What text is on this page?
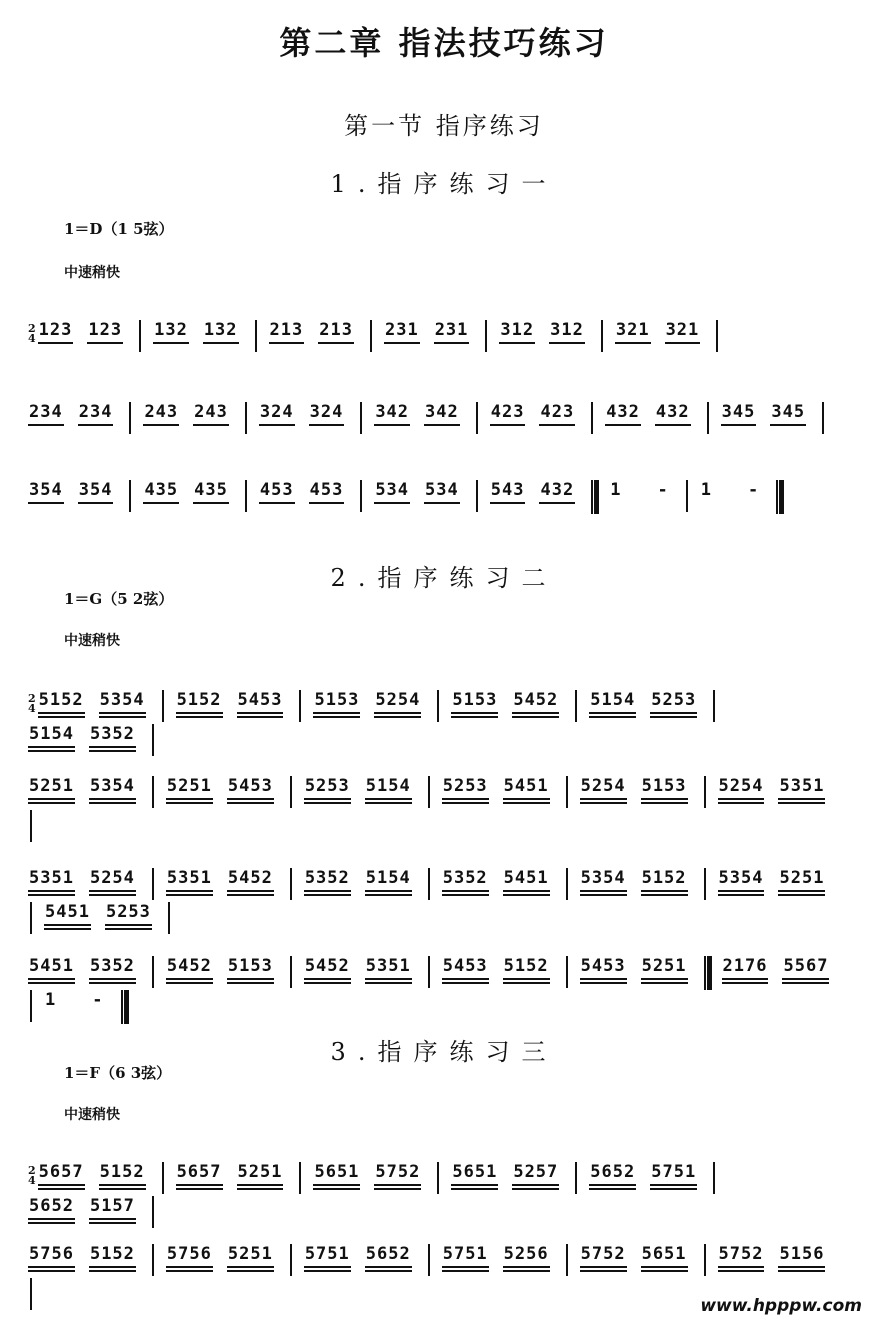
第二章 指法技巧练习
第一节 指序练习
1.指序练习一
1＝D（1 5弦）
中速稍快
2
4 123 123 132 132 213 213 231 231 312 312 321 321
234 234 243 243 324 324 342 342 423 423 432 432 345 345
354 354 435 435 453 453 534 534 543 432 1 - 1 -
2.指序练习二
1＝G（5 2弦）
中速稍快
2
4 5152 5354 5152 5453 5153 5254 5153 5452 5154 5253
5154 5352
5251 5354 5251 5453 5253 5154 5253 5451 5254 5153 5254 5351
5351 5254 5351 5452 5352 5154 5352 5451 5354 5152 5354 5251
5451 5253
5451 5352 5452 5153 5452 5351 5453 5152 5453 5251 2176 5567
1 -
3.指序练习三
1＝F（6 3弦）
中速稍快
2
4 5657 5152 5657 5251 5651 5752 5651 5257 5652 5751
5652 5157
5756 5152 5756 5251 5751 5652 5751 5256 5752 5651 5752 5156
www.hpppw.com
